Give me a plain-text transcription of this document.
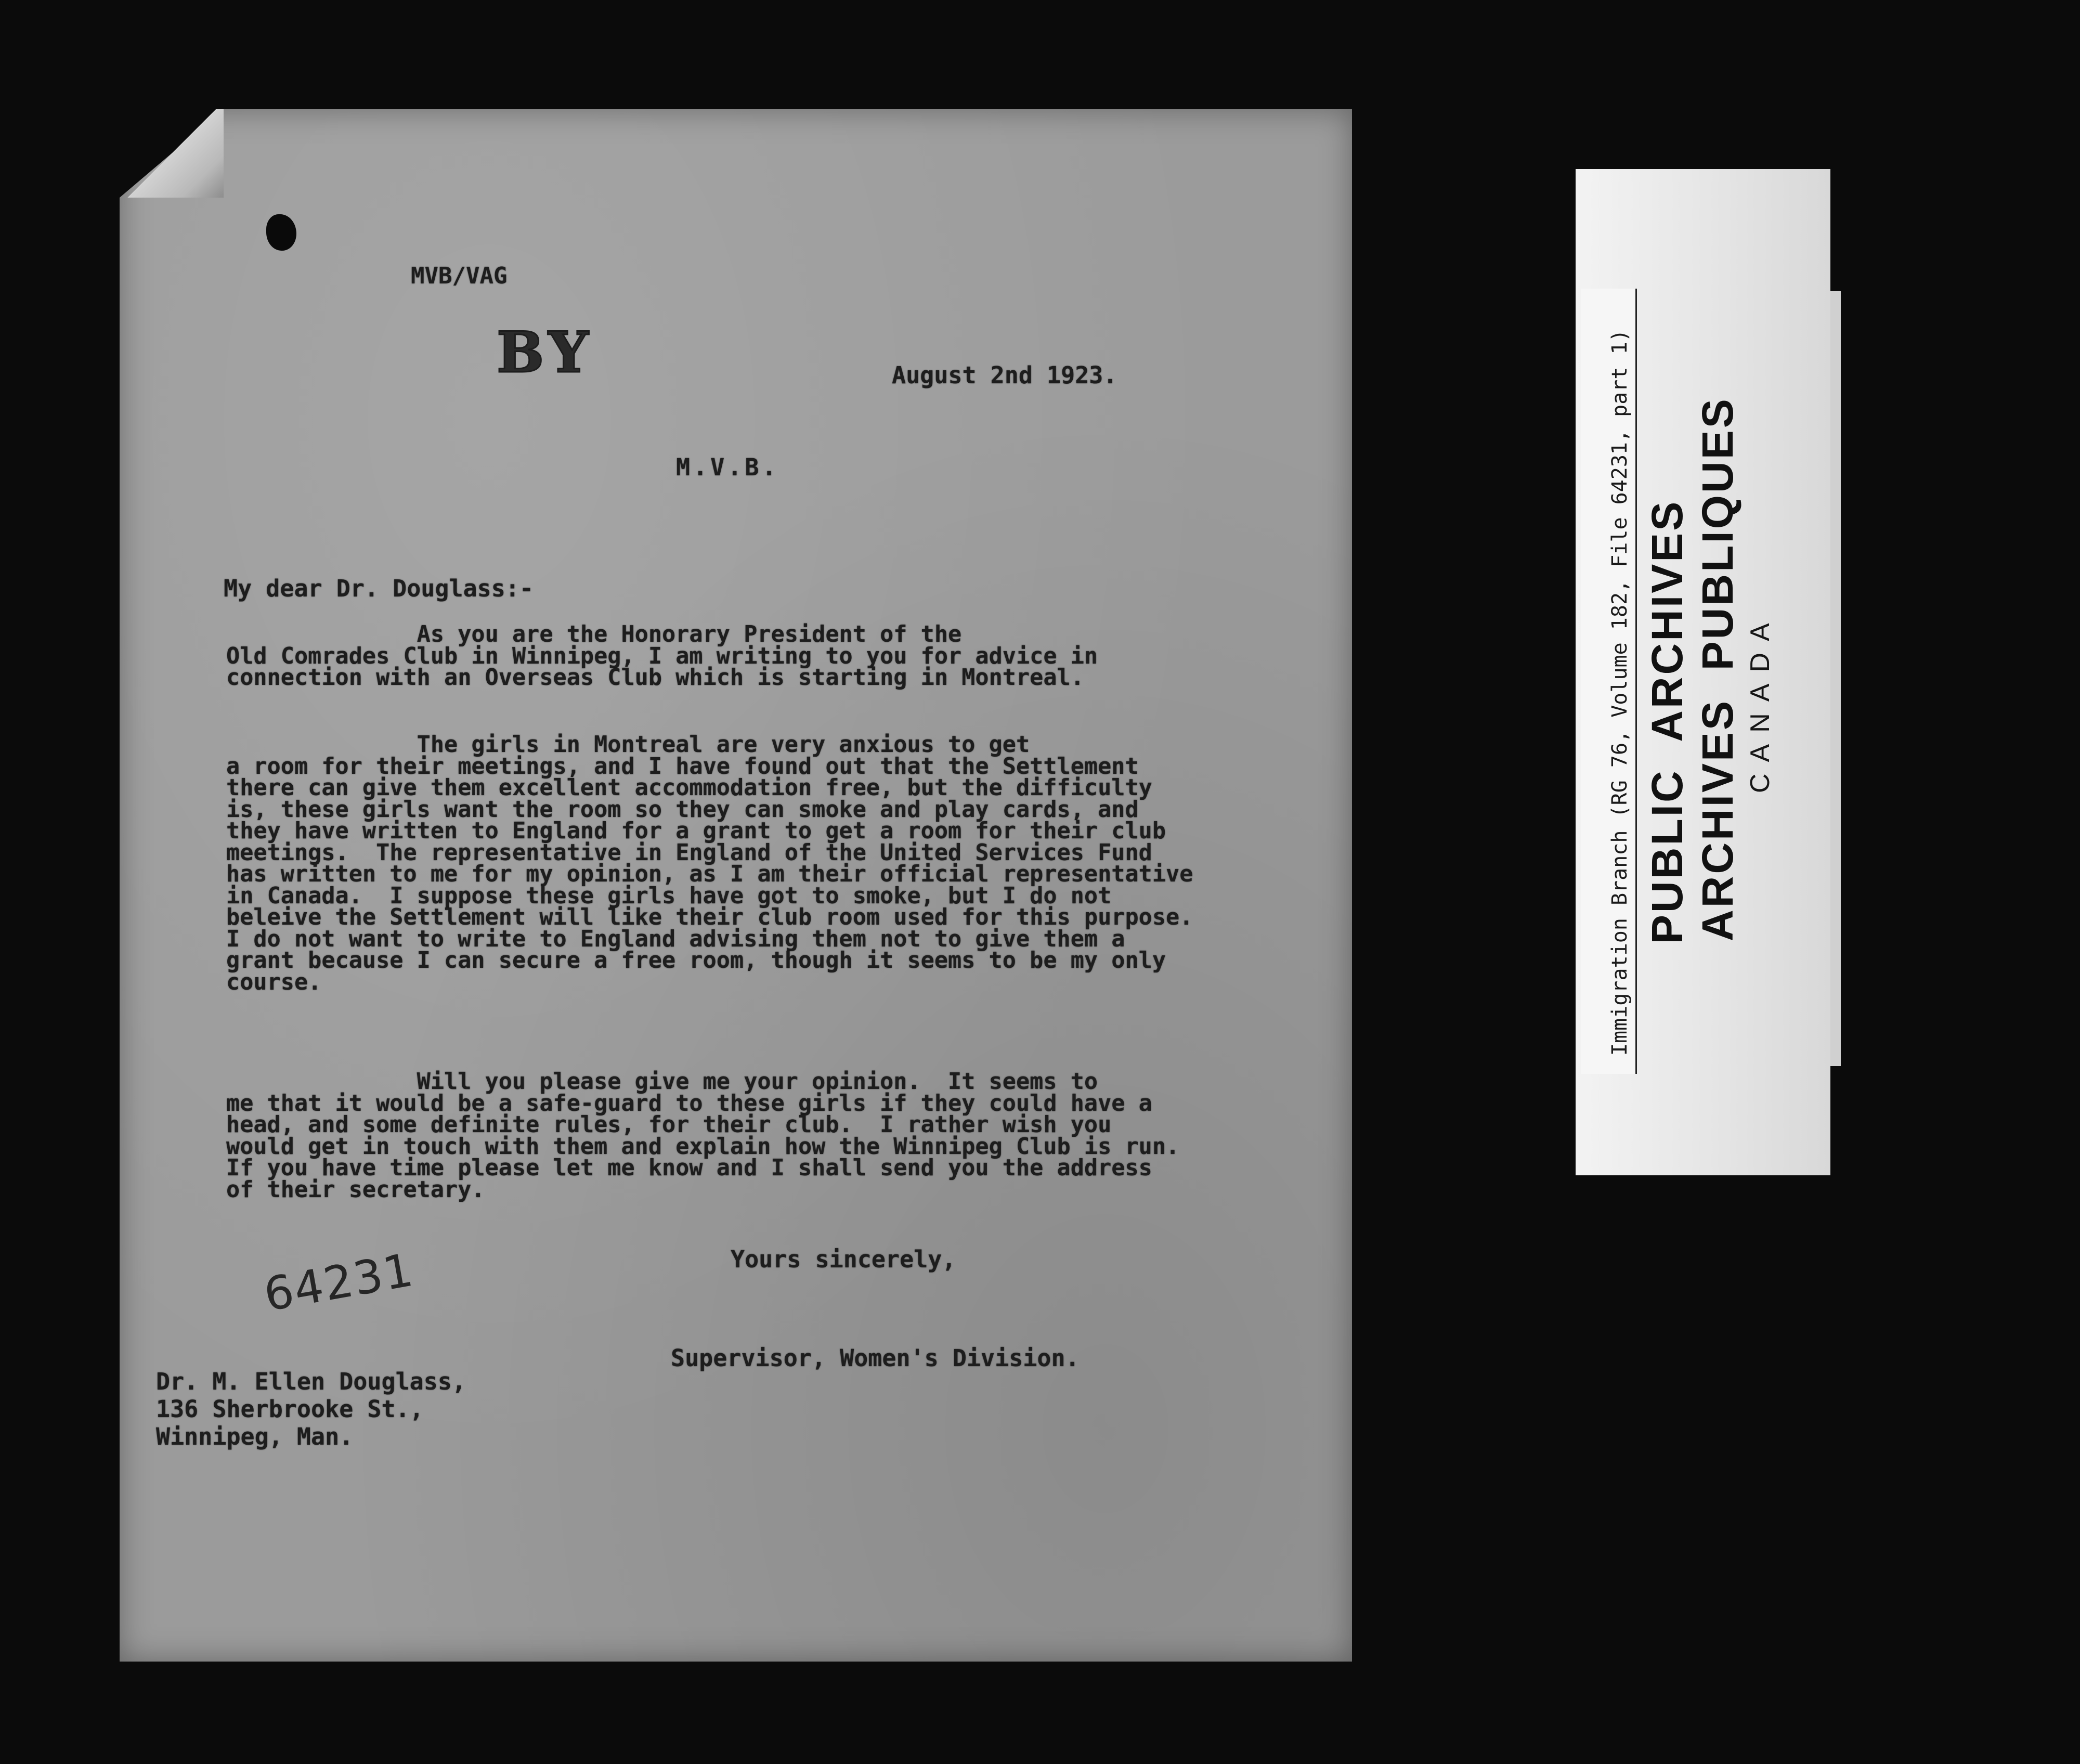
MVB/VAG
BY	August 2nd 1923.
M.V.B.
My dear Dr. Douglass:-

As you are the Honorary President of the
Old Comrades Club in Winnipeg, I am writing to you for advice in
connection with an Overseas Club which is starting in Montreal.

The girls in Montreal are very anxious to get
a room for their meetings, and I have found out that the Settlement
there can give them excellent accommodation free, but the difficulty
is, these girls want the room so they can smoke and play cards, and
they have written to England for a grant to get a room for their club
meetings.  The representative in England of the United Services Fund
has written to me for my opinion, as I am their official representative
in Canada.  I suppose these girls have got to smoke, but I do not
beleive the Settlement will like their club room used for this purpose.
I do not want to write to England advising them not to give them a
grant because I can secure a free room, though it seems to be my only
course.

Will you please give me your opinion.  It seems to
me that it would be a safe-guard to these girls if they could have a
head, and some definite rules, for their club.  I rather wish you
would get in touch with them and explain how the Winnipeg Club is run.
If you have time please let me know and I shall send you the address
of their secretary.

Yours sincerely,
64231
Supervisor, Women's Division.
Dr. M. Ellen Douglass,
136 Sherbrooke St.,
Winnipeg, Man.
Immigration Branch (RG 76, Volume 182, File 64231, part 1) PUBLIC  ARCHIVES ARCHIVES  PUBLIQUES CANADA
